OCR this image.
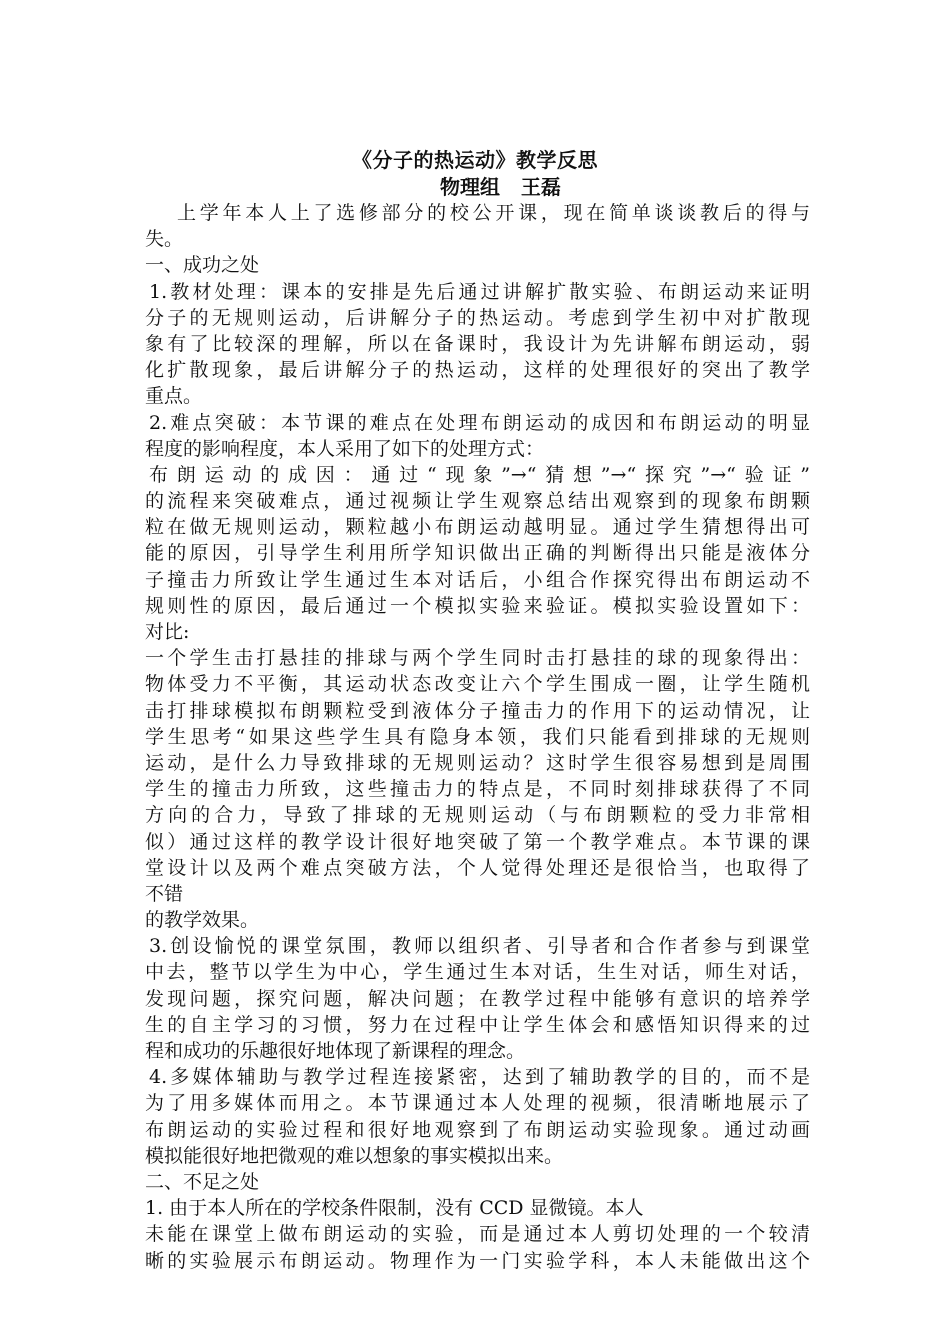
《分子的热运动》教学反思
物理组   王磊
上学年本人上了选修部分的校公开课，现在简单谈谈教后的得与
失。
一、成功之处
1.教材处理：课本的安排是先后通过讲解扩散实验、布朗运动来证明
分子的无规则运动，后讲解分子的热运动。考虑到学生初中对扩散现
象有了比较深的理解，所以在备课时，我设计为先讲解布朗运动，弱
化扩散现象，最后讲解分子的热运动，这样的处理很好的突出了教学
重点。
2.难点突破：本节课的难点在处理布朗运动的成因和布朗运动的明显
程度的影响程度，本人采用了如下的处理方式：
布朗运动的成因：通过“现象”→“猜想”→“探究”→“验证”
的流程来突破难点，通过视频让学生观察总结出观察到的现象布朗颗
粒在做无规则运动，颗粒越小布朗运动越明显。通过学生猜想得出可
能的原因，引导学生利用所学知识做出正确的判断得出只能是液体分
子撞击力所致让学生通过生本对话后，小组合作探究得出布朗运动不
规则性的原因，最后通过一个模拟实验来验证。模拟实验设置如下：
对比:
一个学生击打悬挂的排球与两个学生同时击打悬挂的球的现象得出：
物体受力不平衡，其运动状态改变让六个学生围成一圈，让学生随机
击打排球模拟布朗颗粒受到液体分子撞击力的作用下的运动情况，让
学生思考“如果这些学生具有隐身本领，我们只能看到排球的无规则
运动，是什么力导致排球的无规则运动？这时学生很容易想到是周围
学生的撞击力所致，这些撞击力的特点是，不同时刻排球获得了不同
方向的合力，导致了排球的无规则运动（与布朗颗粒的受力非常相
似）通过这样的教学设计很好地突破了第一个教学难点。本节课的课
堂设计以及两个难点突破方法，个人觉得处理还是很恰当，也取得了
不错
的教学效果。
3.创设愉悦的课堂氛围，教师以组织者、引导者和合作者参与到课堂
中去，整节以学生为中心，学生通过生本对话，生生对话，师生对话，
发现问题，探究问题，解决问题；在教学过程中能够有意识的培养学
生的自主学习的习惯，努力在过程中让学生体会和感悟知识得来的过
程和成功的乐趣很好地体现了新课程的理念。
4.多媒体辅助与教学过程连接紧密，达到了辅助教学的目的，而不是
为了用多媒体而用之。本节课通过本人处理的视频，很清晰地展示了
布朗运动的实验过程和很好地观察到了布朗运动实验现象。通过动画
模拟能很好地把微观的难以想象的事实模拟出来。
二、不足之处
1. 由于本人所在的学校条件限制，没有 CCD 显微镜。本人
未能在课堂上做布朗运动的实验，而是通过本人剪切处理的一个较清
晰的实验展示布朗运动。物理作为一门实验学科，本人未能做出这个
